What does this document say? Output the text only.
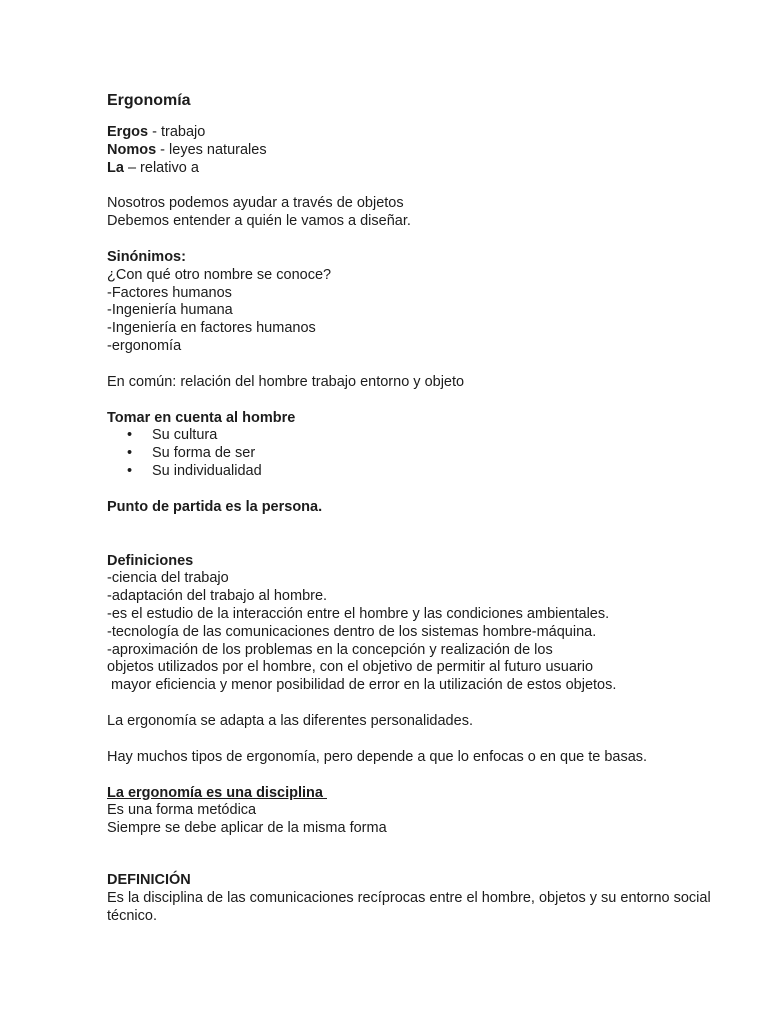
Ergonomía
Ergos - trabajo
Nomos - leyes naturales
La – relativo a
Nosotros podemos ayudar a través de objetos
Debemos entender a quién le vamos a diseñar.
Sinónimos:
¿Con qué otro nombre se conoce?
-Factores humanos
-Ingeniería humana
-Ingeniería en factores humanos
-ergonomía
En común: relación del hombre trabajo entorno y objeto
Tomar en cuenta al hombre
• Su cultura
• Su forma de ser
• Su individualidad
Punto de partida es la persona.
Definiciones
-ciencia del trabajo
-adaptación del trabajo al hombre.
-es el estudio de la interacción entre el hombre y las condiciones ambientales.
-tecnología de las comunicaciones dentro de los sistemas hombre-máquina.
-aproximación de los problemas en la concepción y realización de los
objetos utilizados por el hombre, con el objetivo de permitir al futuro usuario
mayor eficiencia y menor posibilidad de error en la utilización de estos objetos.
La ergonomía se adapta a las diferentes personalidades.
Hay muchos tipos de ergonomía, pero depende a que lo enfocas o en que te basas.
La ergonomía es una disciplina
Es una forma metódica
Siempre se debe aplicar de la misma forma
DEFINICIÓN
Es la disciplina de las comunicaciones recíprocas entre el hombre, objetos y su entorno social técnico.
